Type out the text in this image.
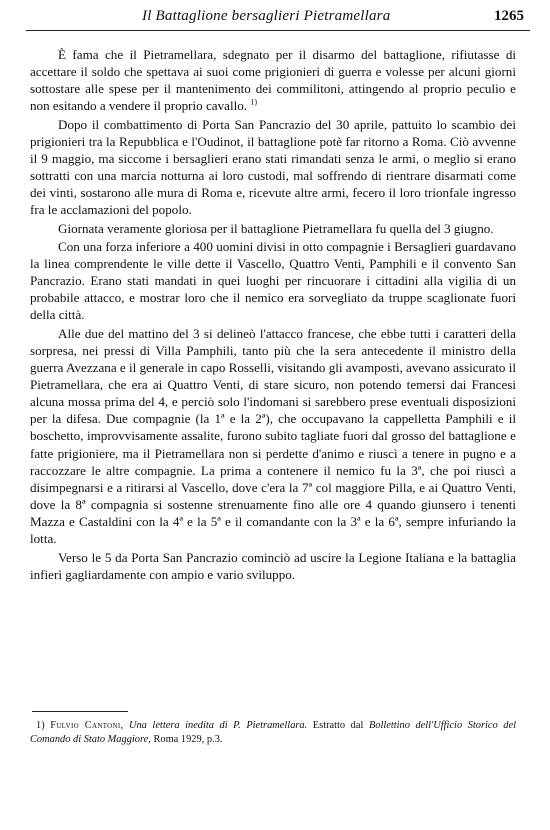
Il Battaglione bersaglieri Pietramellara	1265

È fama che il Pietramellara, sdegnato per il disarmo del battaglione, rifiutasse di accettare il soldo che spettava ai suoi come prigionieri di guerra e volesse per alcuni giorni sottostare alle spese per il mantenimento dei commilitoni, attingendo al proprio peculio e non esitando a vendere il proprio cavallo. $^{1)}$

Dopo il combattimento di Porta San Pancrazio del 30 aprile, pattuito lo scambio dei prigionieri tra la Repubblica e l'Oudinot, il battaglione potè far ritorno a Roma. Ciò avvenne il 9 maggio, ma siccome i bersaglieri erano stati rimandati senza le armi, o meglio si erano sottratti con una marcia notturna ai loro custodi, mal soffrendo di rientrare disarmati come dei vinti, sostarono alle mura di Roma e, ricevute altre armi, fecero il loro trionfale ingresso fra le acclamazioni del popolo.

Giornata veramente gloriosa per il battaglione Pietramellara fu quella del 3 giugno.

Con una forza inferiore a 400 uomini divisi in otto compagnie i Bersaglieri guardavano la linea comprendente le ville dette il Vascello, Quattro Venti, Pamphili e il convento San Pancrazio. Erano stati mandati in quei luoghi per rincuorare i cittadini alla vigilia di un probabile attacco, e mostrar loro che il nemico era sorvegliato da truppe scaglionate fuori della città.

Alle due del mattino del 3 si delineò l'attacco francese, che ebbe tutti i caratteri della sorpresa, nei pressi di Villa Pamphili, tanto più che la sera antecedente il ministro della guerra Avezzana e il generale in capo Rosselli, visitando gli avamposti, avevano assicurato il Pietramellara, che era ai Quattro Venti, di stare sicuro, non potendo temersi dai Francesi alcuna mossa prima del 4, e perciò solo l'indomani si sarebbero prese eventuali disposizioni per la difesa. Due compagnie (la 1ª e la 2ª), che occupavano la cappelletta Pamphili e il boschetto, improvvisamente assalite, furono subito tagliate fuori dal grosso del battaglione e fatte prigioniere, ma il Pietramellara non si perdette d'animo e riuscì a tenere in pugno e a raccozzare le altre compagnie. La prima a contenere il nemico fu la 3ª, che poi riuscì a disimpegnarsi e a ritirarsi al Vascello, dove c'era la 7ª col maggiore Pilla, e ai Quattro Venti, dove la 8ª compagnia si sostenne strenuamente fino alle ore 4 quando giunsero i tenenti Mazza e Castaldini con la 4ª e la 5ª e il comandante con la 3ª e la 6ª, sempre infuriando la lotta.

Verso le 5 da Porta San Pancrazio cominciò ad uscire la Legione Italiana e la battaglia infierì gagliardamente con ampio e vario sviluppo.

1) Fulvio Cantoni, Una lettera inedita di P. Pietramellara. Estratto dal Bollettino dell'Ufficio Storico del Comando di Stato Maggiore, Roma 1929, p.3.
